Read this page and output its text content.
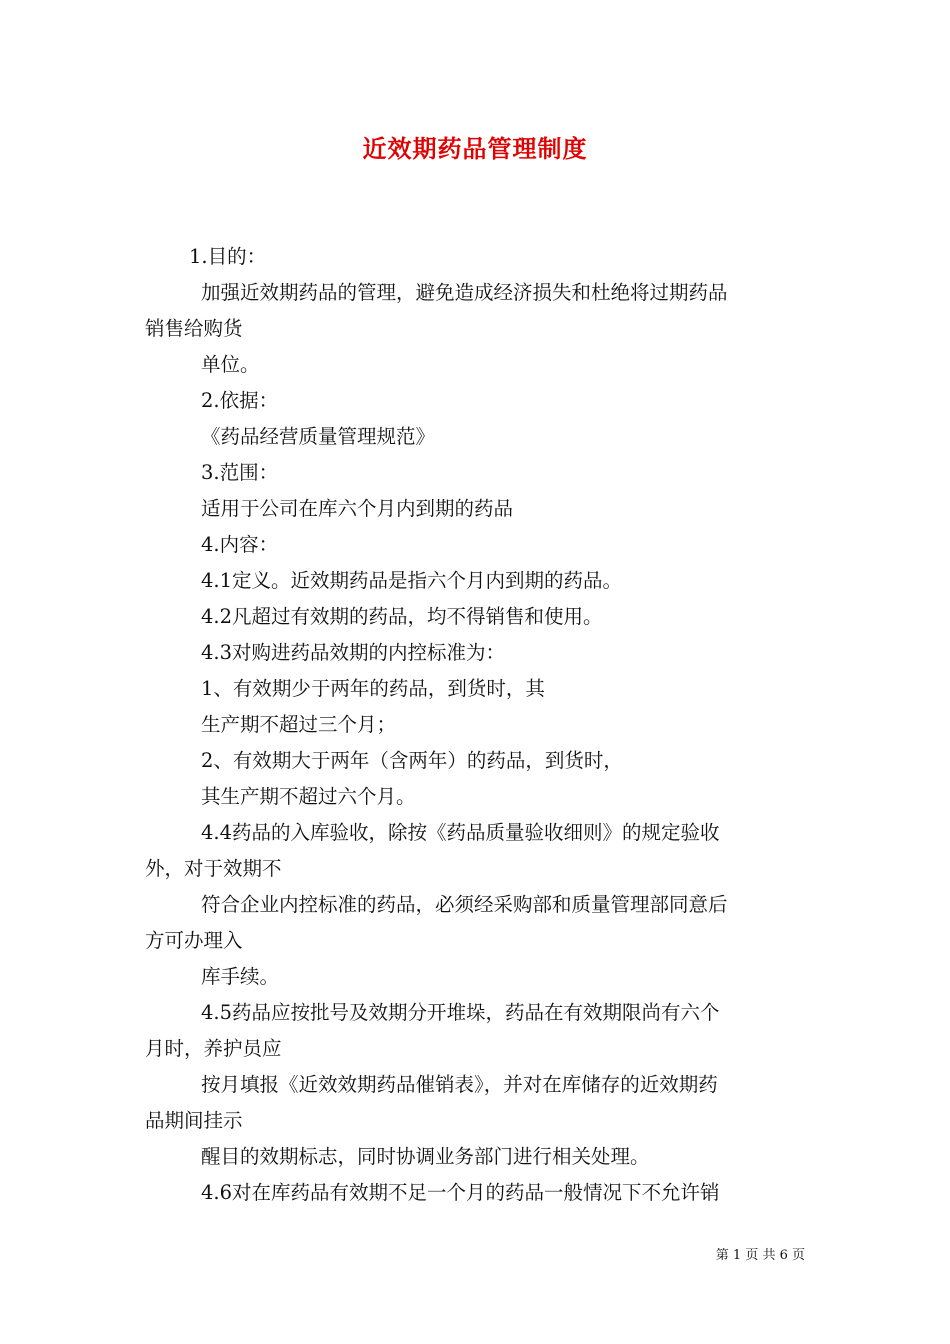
近效期药品管理制度

1.目的：

加强近效期药品的管理，避免造成经济损失和杜绝将过期药品

销售给购货

单位。

2.依据：

《药品经营质量管理规范》

3.范围：

适用于公司在库六个月内到期的药品

4.内容：

4.1定义。近效期药品是指六个月内到期的药品。

4.2凡超过有效期的药品，均不得销售和使用。

4.3对购进药品效期的内控标准为：

1、有效期少于两年的药品，到货时，其

生产期不超过三个月；

2、有效期大于两年（含两年）的药品，到货时，

其生产期不超过六个月。

4.4药品的入库验收，除按《药品质量验收细则》的规定验收

外，对于效期不

符合企业内控标准的药品，必须经采购部和质量管理部同意后

方可办理入

库手续。

4.5药品应按批号及效期分开堆垛，药品在有效期限尚有六个

月时，养护员应

按月填报《近效效期药品催销表》，并对在库储存的近效期药

品期间挂示

醒目的效期标志，同时协调业务部门进行相关处理。

4.6对在库药品有效期不足一个月的药品一般情况下不允许销

第 1 页 共 6 页
